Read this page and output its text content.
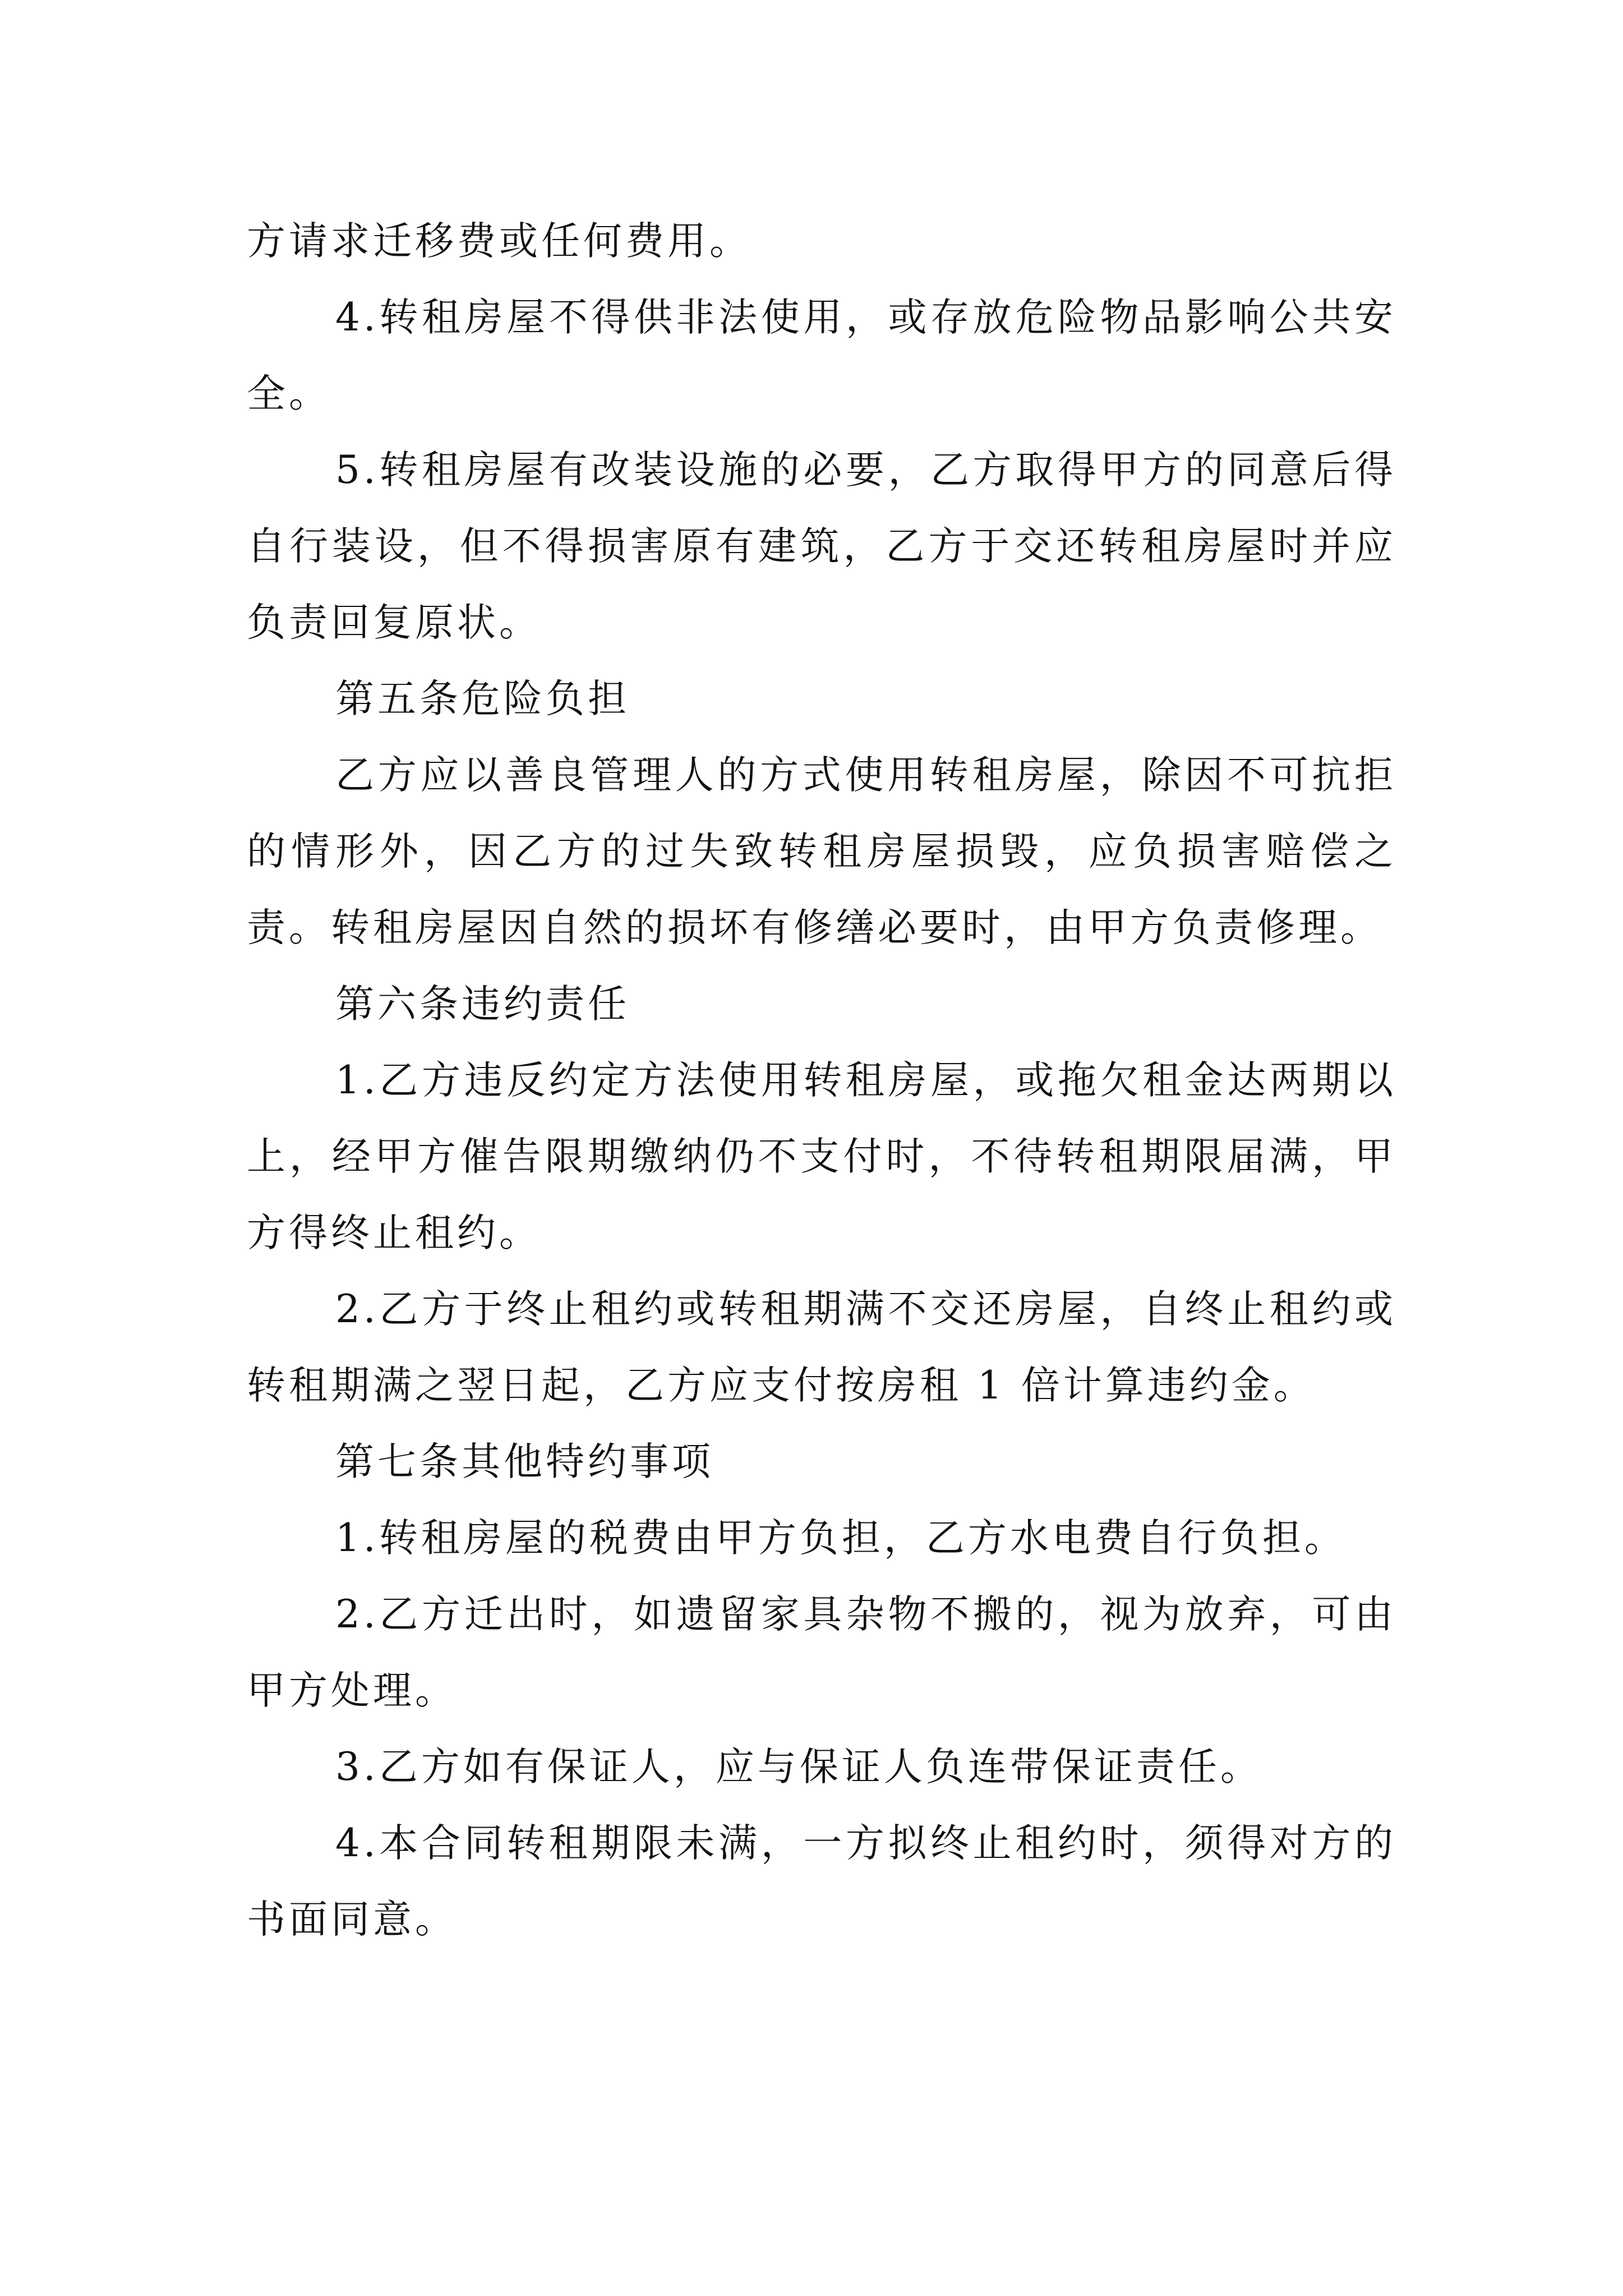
方请求迁移费或任何费用。

4.转租房屋不得供非法使用，或存放危险物品影响公共安全。

5.转租房屋有改装设施的必要，乙方取得甲方的同意后得自行装设，但不得损害原有建筑，乙方于交还转租房屋时并应负责回复原状。

第五条危险负担

乙方应以善良管理人的方式使用转租房屋，除因不可抗拒的情形外，因乙方的过失致转租房屋损毁，应负损害赔偿之责。转租房屋因自然的损坏有修缮必要时，由甲方负责修理。

第六条违约责任

1.乙方违反约定方法使用转租房屋，或拖欠租金达两期以上，经甲方催告限期缴纳仍不支付时，不待转租期限届满，甲方得终止租约。

2.乙方于终止租约或转租期满不交还房屋，自终止租约或转租期满之翌日起，乙方应支付按房租 1 倍计算违约金。

第七条其他特约事项

1.转租房屋的税费由甲方负担，乙方水电费自行负担。

2.乙方迁出时，如遗留家具杂物不搬的，视为放弃，可由甲方处理。

3.乙方如有保证人，应与保证人负连带保证责任。

4.本合同转租期限未满，一方拟终止租约时，须得对方的书面同意。
